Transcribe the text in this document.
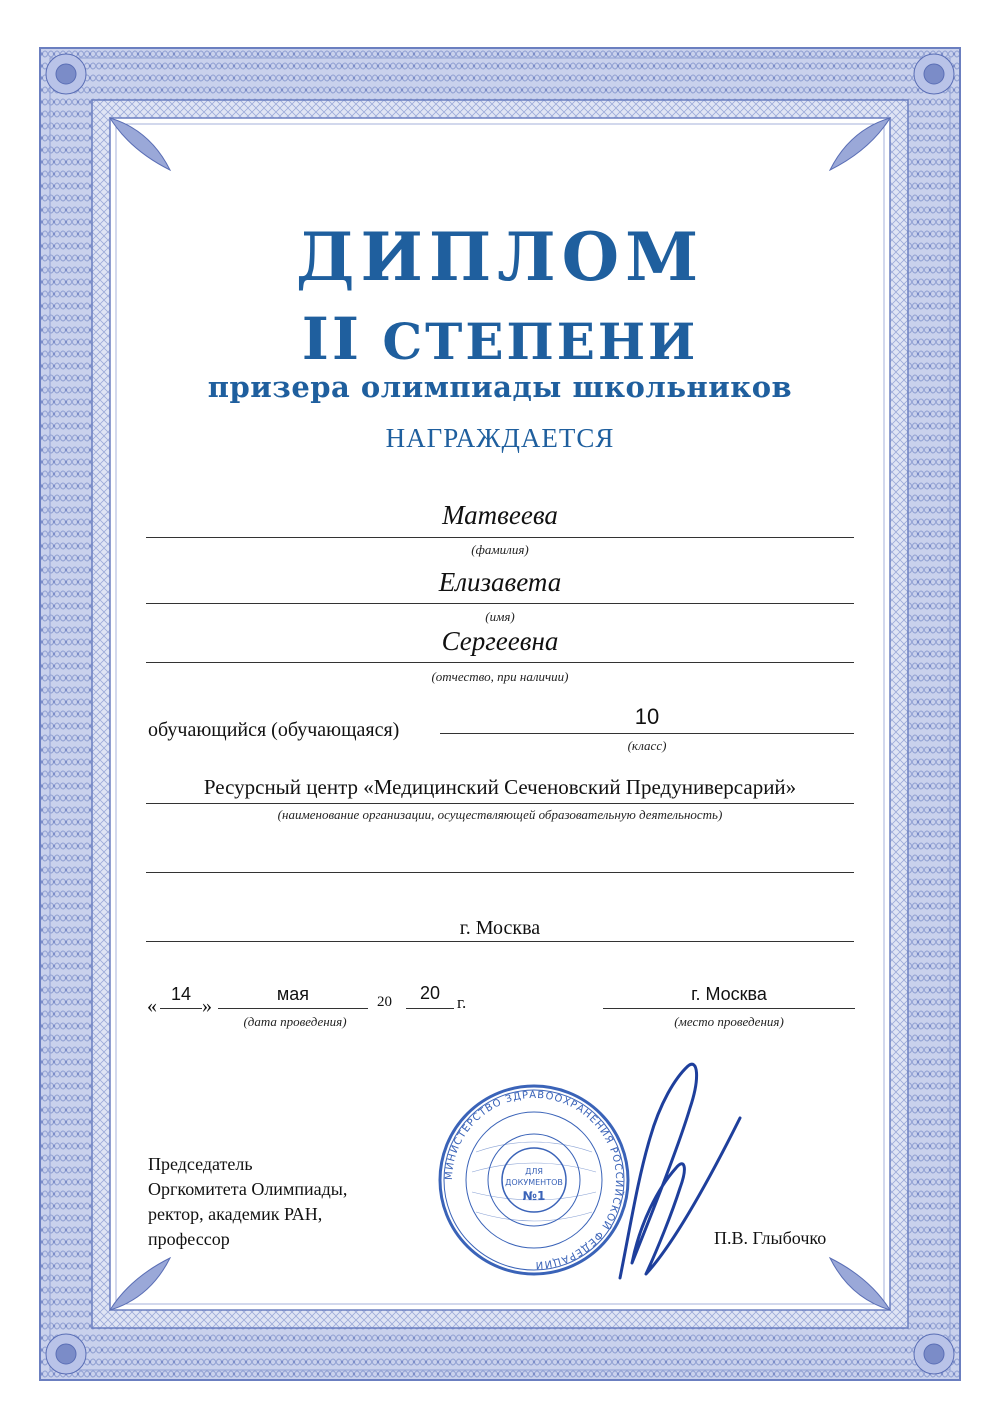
ДИПЛОМ
II СТЕПЕНИ
призера олимпиады школьников
НАГРАЖДАЕТСЯ
Матвеева
(фамилия)
Елизавета
(имя)
Сергеевна
(отчество, при наличии)
обучающийся (обучающаяся)
10
(класс)
Ресурсный центр «Медицинский Сеченовский Предуниверсарий»
(наименование организации, осуществляющей образовательную деятельность)
г. Москва
«
14
»
мая	20	20 г.
(дата проведения)
г. Москва
(место проведения)
Председатель
Оргкомитета Олимпиады,
ректор, академик РАН,
профессор	П.В. Глыбочко
МИНИСТЕРСТВО ЗДРАВООХРАНЕНИЯ РОССИЙСКОЙ ФЕДЕРАЦИИ
ДЛЯ
ДОКУМЕНТОВ
№1
